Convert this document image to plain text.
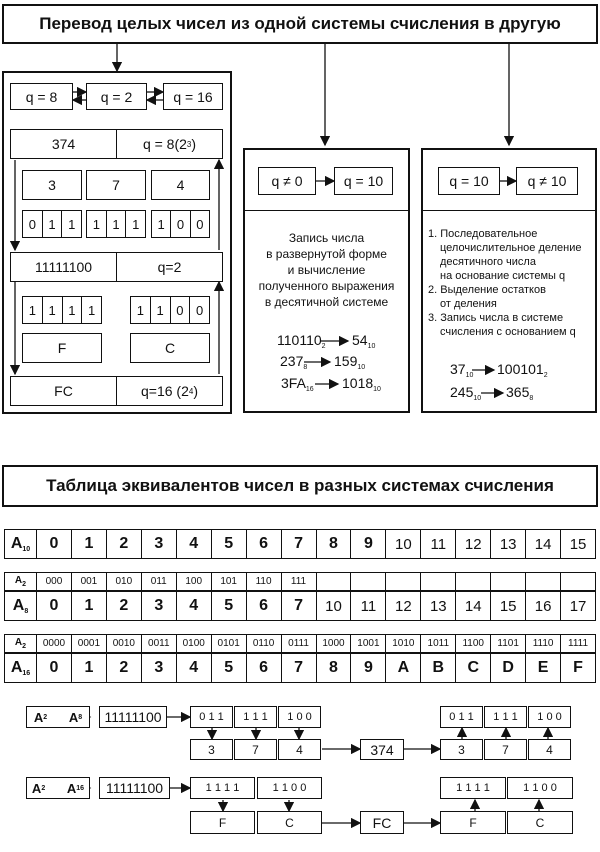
Перевод целых чисел из одной системы счисления в другую
q = 8	q = 2	q = 16
374	q = 8(2 3 )
3	7	4
0 1 1	1 1 1	1 0 0
11111100	q=2
1 1 1 1	1 1 0 0
F	C
FC	q=16 (2 4 )
q ≠ 0	q = 10
Запись числа
в развернутой форме
и вычисление
полученного выражения
в десятичной системе
$110110_2$ $54_{10}$
$237_8$ $159_{10}$
$3FA_{16}$ $1018_{10}$
q = 10	q ≠ 10
1. Последовательное
целочислительное деление
десятичного числа
на основание системы q
2. Выделение остатков
от деления
3. Запись числа в системе
счисления с основанием q
$37_{10}$ $100101_2$
$245_{10}$ $365_8$
Таблица эквивалентов чисел в разных системах счисления
$A_{10}$	0	1	2	3	4	5	6	7	8	9	10	11	12	13	14	15
$A_2$	000	001	010	011	100	101	110	111								
$A_8$	0	1	2	3	4	5	6	7	10	11	12	13	14	15	16	17
$A_2$	0000	0001	0010	0011	0100	0101	0110	0111	1000	1001	1010	1011	1100	1101	1110	1111
$A_{16}$	0	1	2	3	4	5	6	7	8	9	A	B	C	D	E	F
A 2
A 8	11111100	0 1 1	1 1 1	1 0 0
3	7	4	374
0 1 1	1 1 1	1 0 0
3	7	4
A 2
A 16	11111100	1 1 1 1	1 1 0 0
F	C	FC
1 1 1 1	1 1 0 0
F	C
